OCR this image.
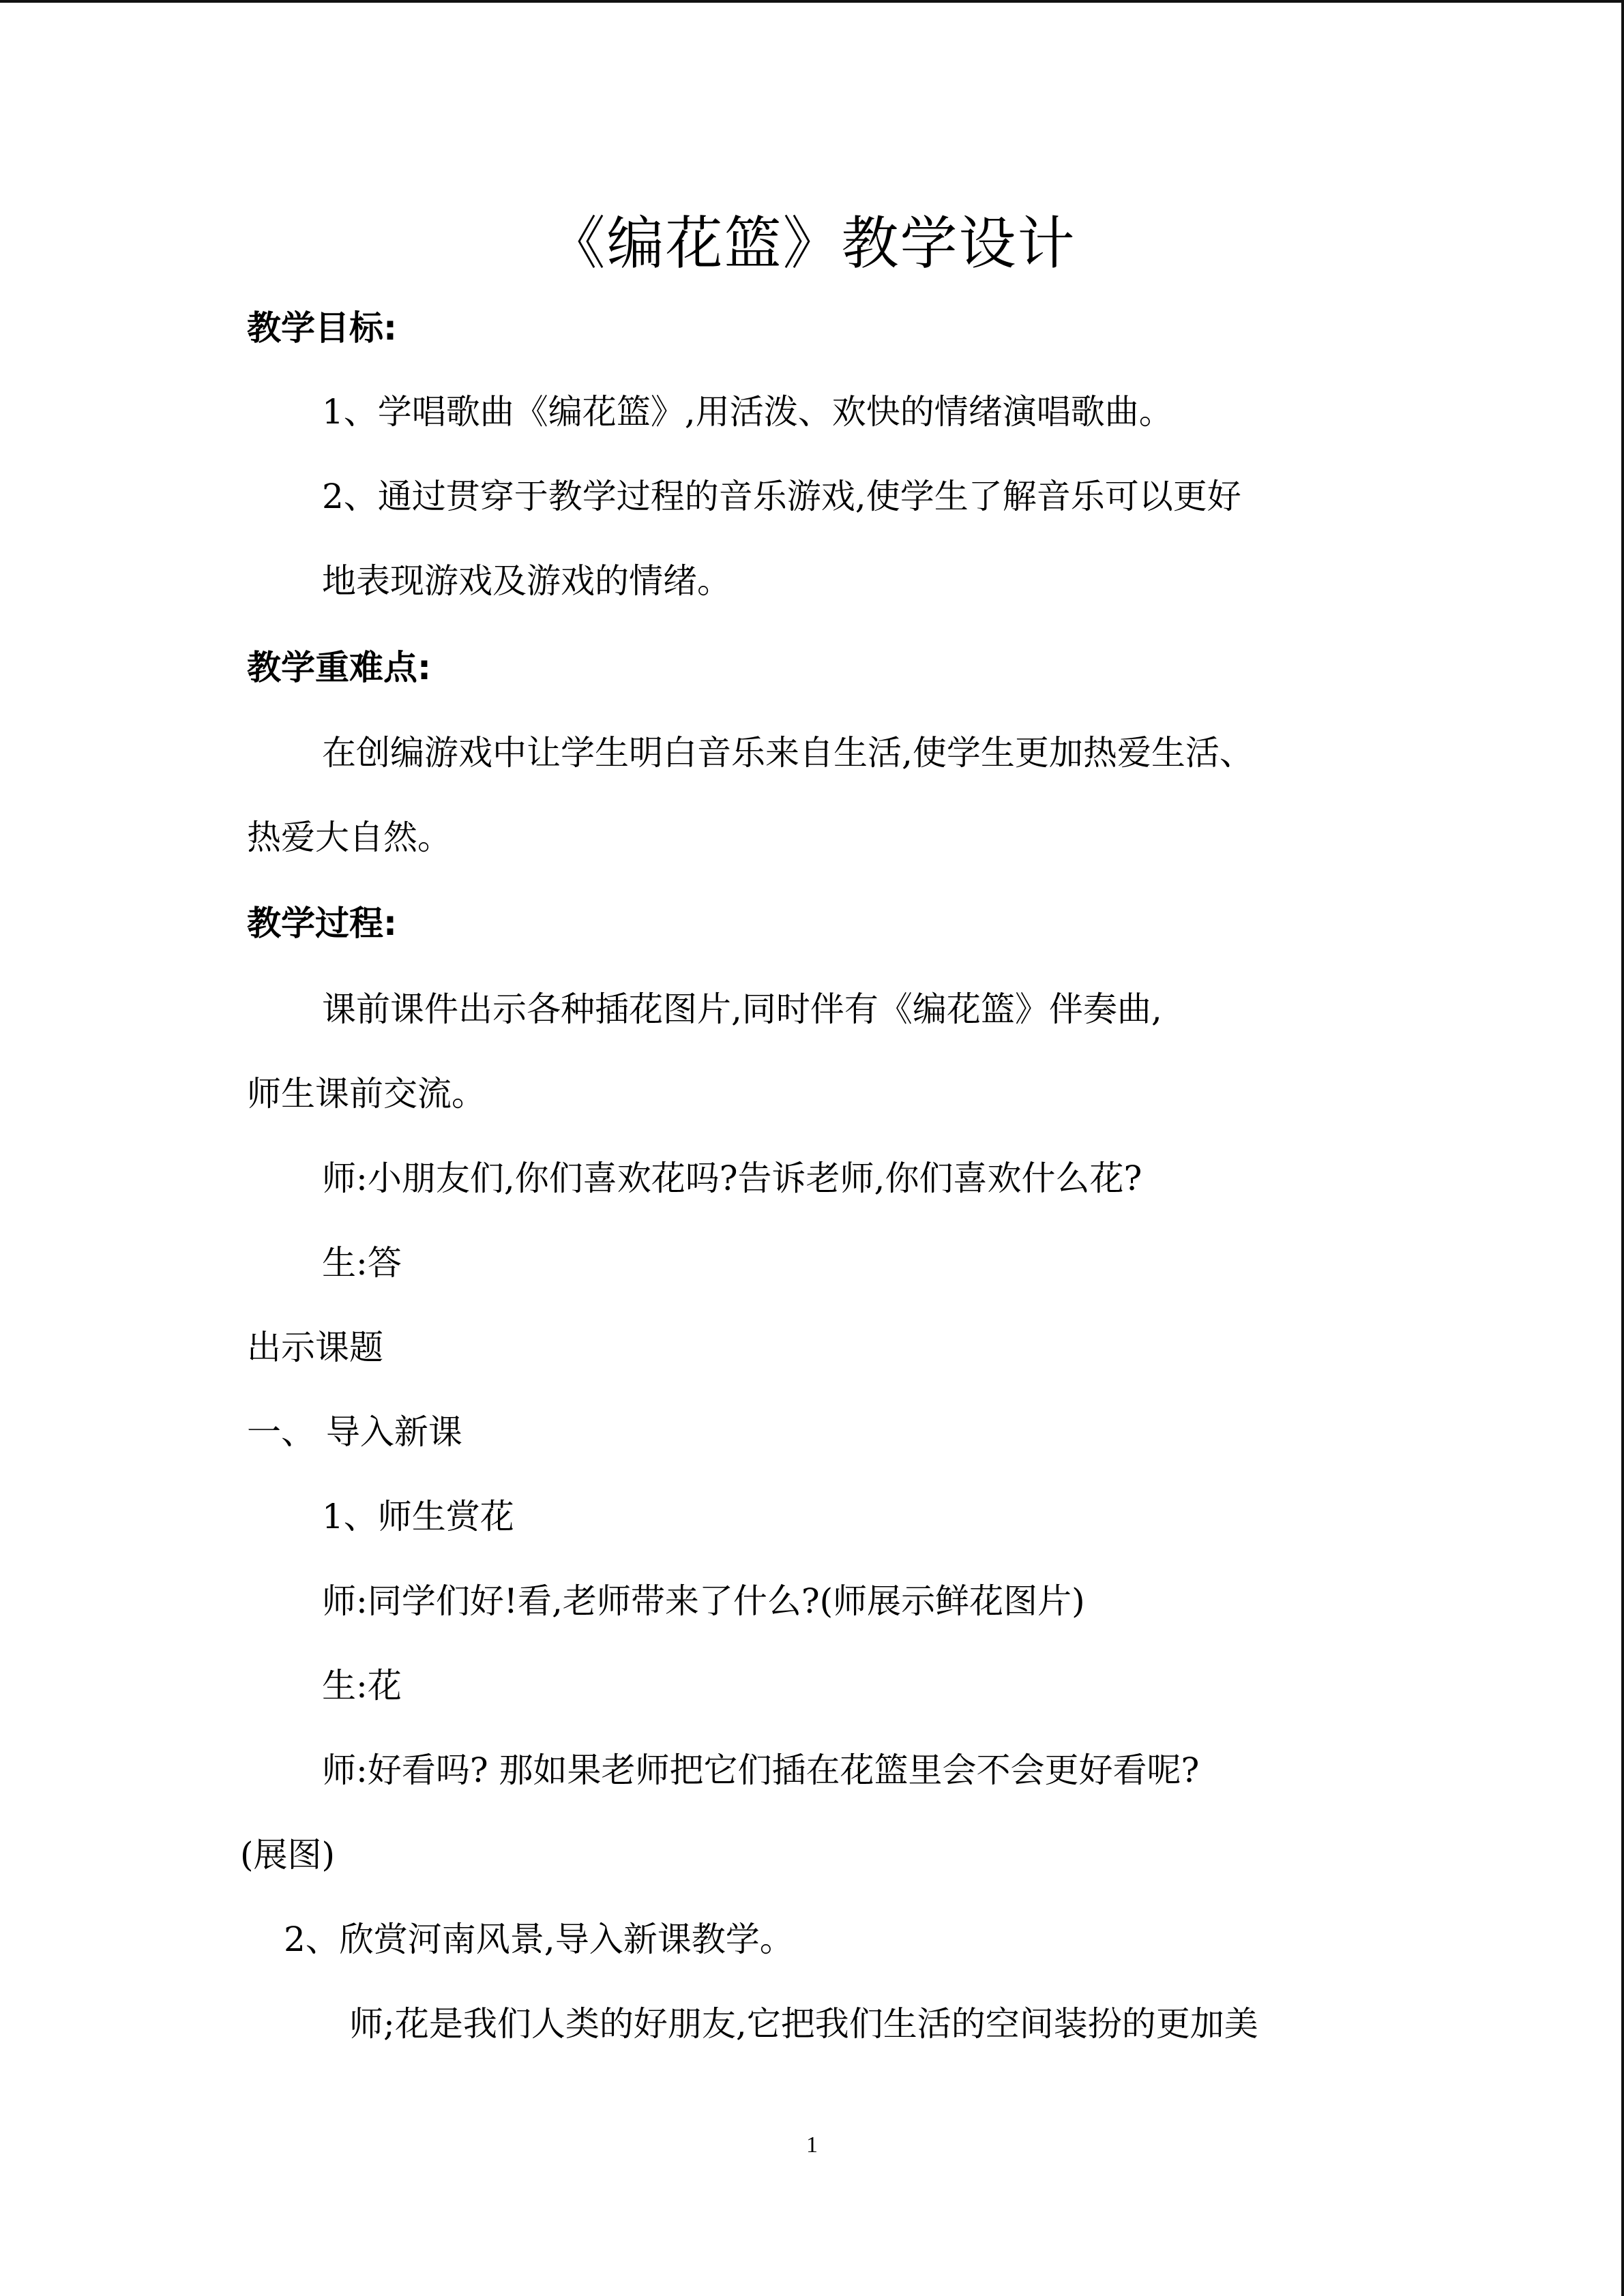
《编花篮》教学设计
教学目标:
1、学唱歌曲《编花篮》,用活泼、欢快的情绪演唱歌曲。
2、通过贯穿于教学过程的音乐游戏,使学生了解音乐可以更好
地表现游戏及游戏的情绪。
教学重难点:
在创编游戏中让学生明白音乐来自生活,使学生更加热爱生活、
热爱大自然。
教学过程:
课前课件出示各种插花图片,同时伴有《编花篮》伴奏曲,
师生课前交流。
师:小朋友们,你们喜欢花吗?告诉老师,你们喜欢什么花?
生:答
出示课题
一、 导入新课
1、师生赏花
师:同学们好!看,老师带来了什么?(师展示鲜花图片)
生:花
师:好看吗? 那如果老师把它们插在花篮里会不会更好看呢?
(展图)
2、欣赏河南风景,导入新课教学。
师;花是我们人类的好朋友,它把我们生活的空间装扮的更加美
1
